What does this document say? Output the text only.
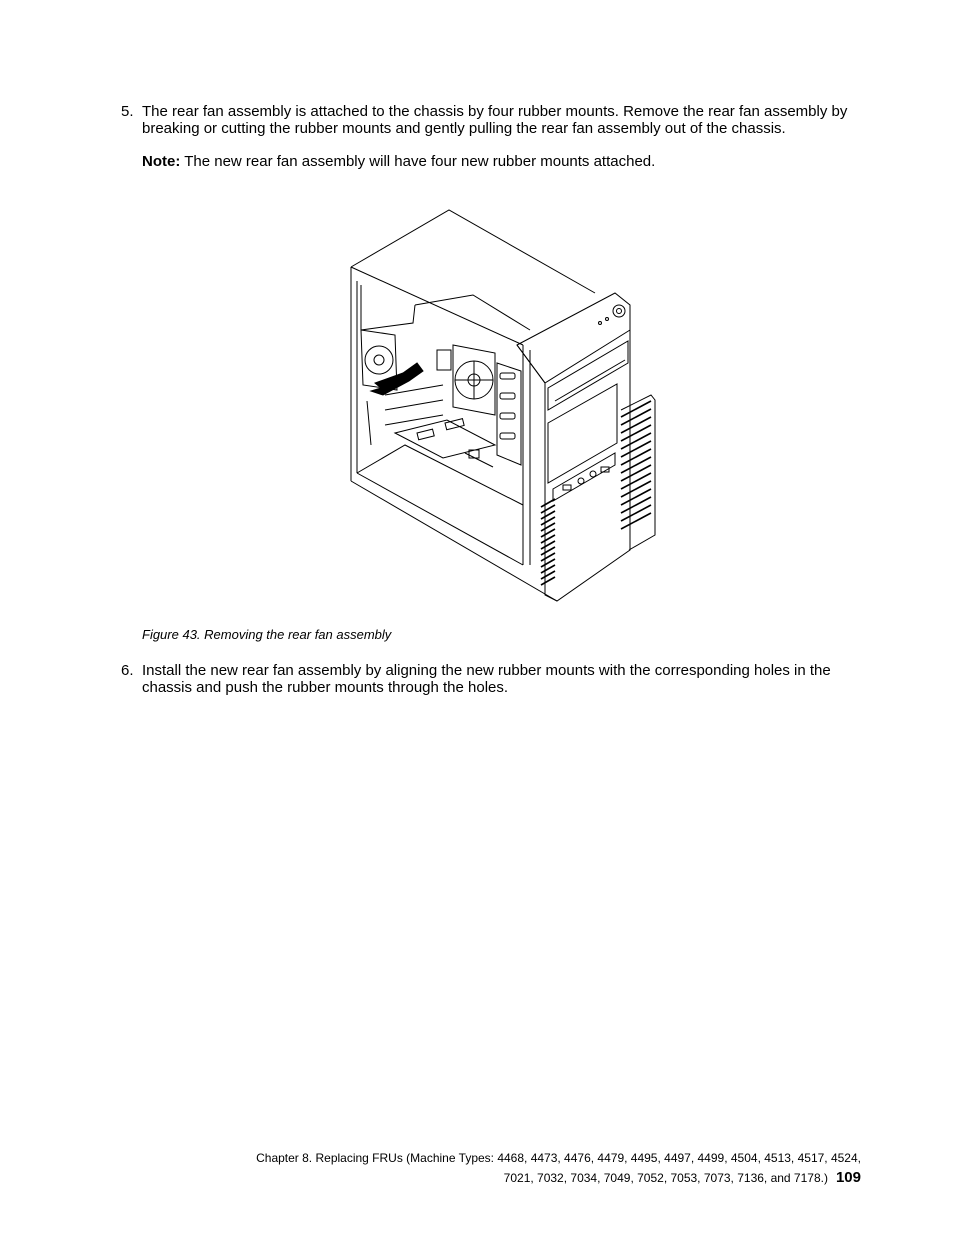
5. The rear fan assembly is attached to the chassis by four rubber mounts. Remove the rear fan assembly by breaking or cutting the rubber mounts and gently pulling the rear fan assembly out of the chassis.
Note: The new rear fan assembly will have four new rubber mounts attached.
Figure 43. Removing the rear fan assembly
6. Install the new rear fan assembly by aligning the new rubber mounts with the corresponding holes in the chassis and push the rubber mounts through the holes.
Chapter 8. Replacing FRUs (Machine Types: 4468, 4473, 4476, 4479, 4495, 4497, 4499, 4504, 4513, 4517, 4524,
7021, 7032, 7034, 7049, 7052, 7053, 7073, 7136, and 7178.) 109
